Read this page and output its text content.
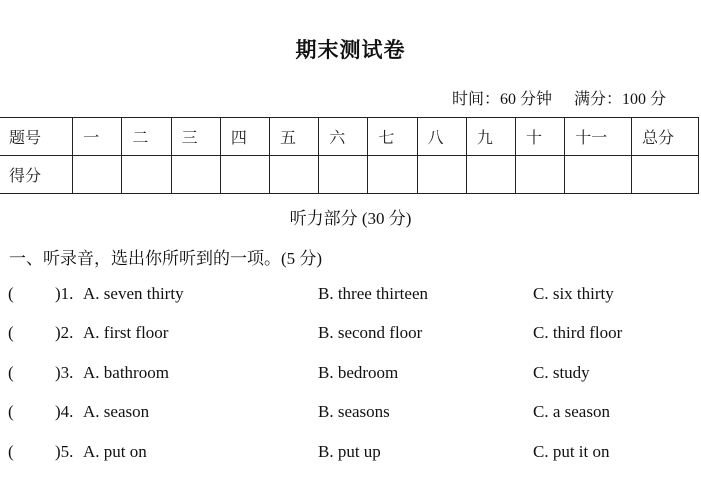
期末测试卷
时间：60 分钟 满分：100 分
题号	一	二	三	四	五	六	七	八	九	十	十一	总分
得分												
听力部分 (30 分)
一、听录音，选出你所听到的一项。(5 分)
( )1. A. seven thirty	B. three thirteen	C. six thirty
( )2. A. first floor	B. second floor	C. third floor
( )3. A. bathroom	B. bedroom	C. study
( )4. A. season	B. seasons	C. a season
( )5. A. put on	B. put up	C. put it on
